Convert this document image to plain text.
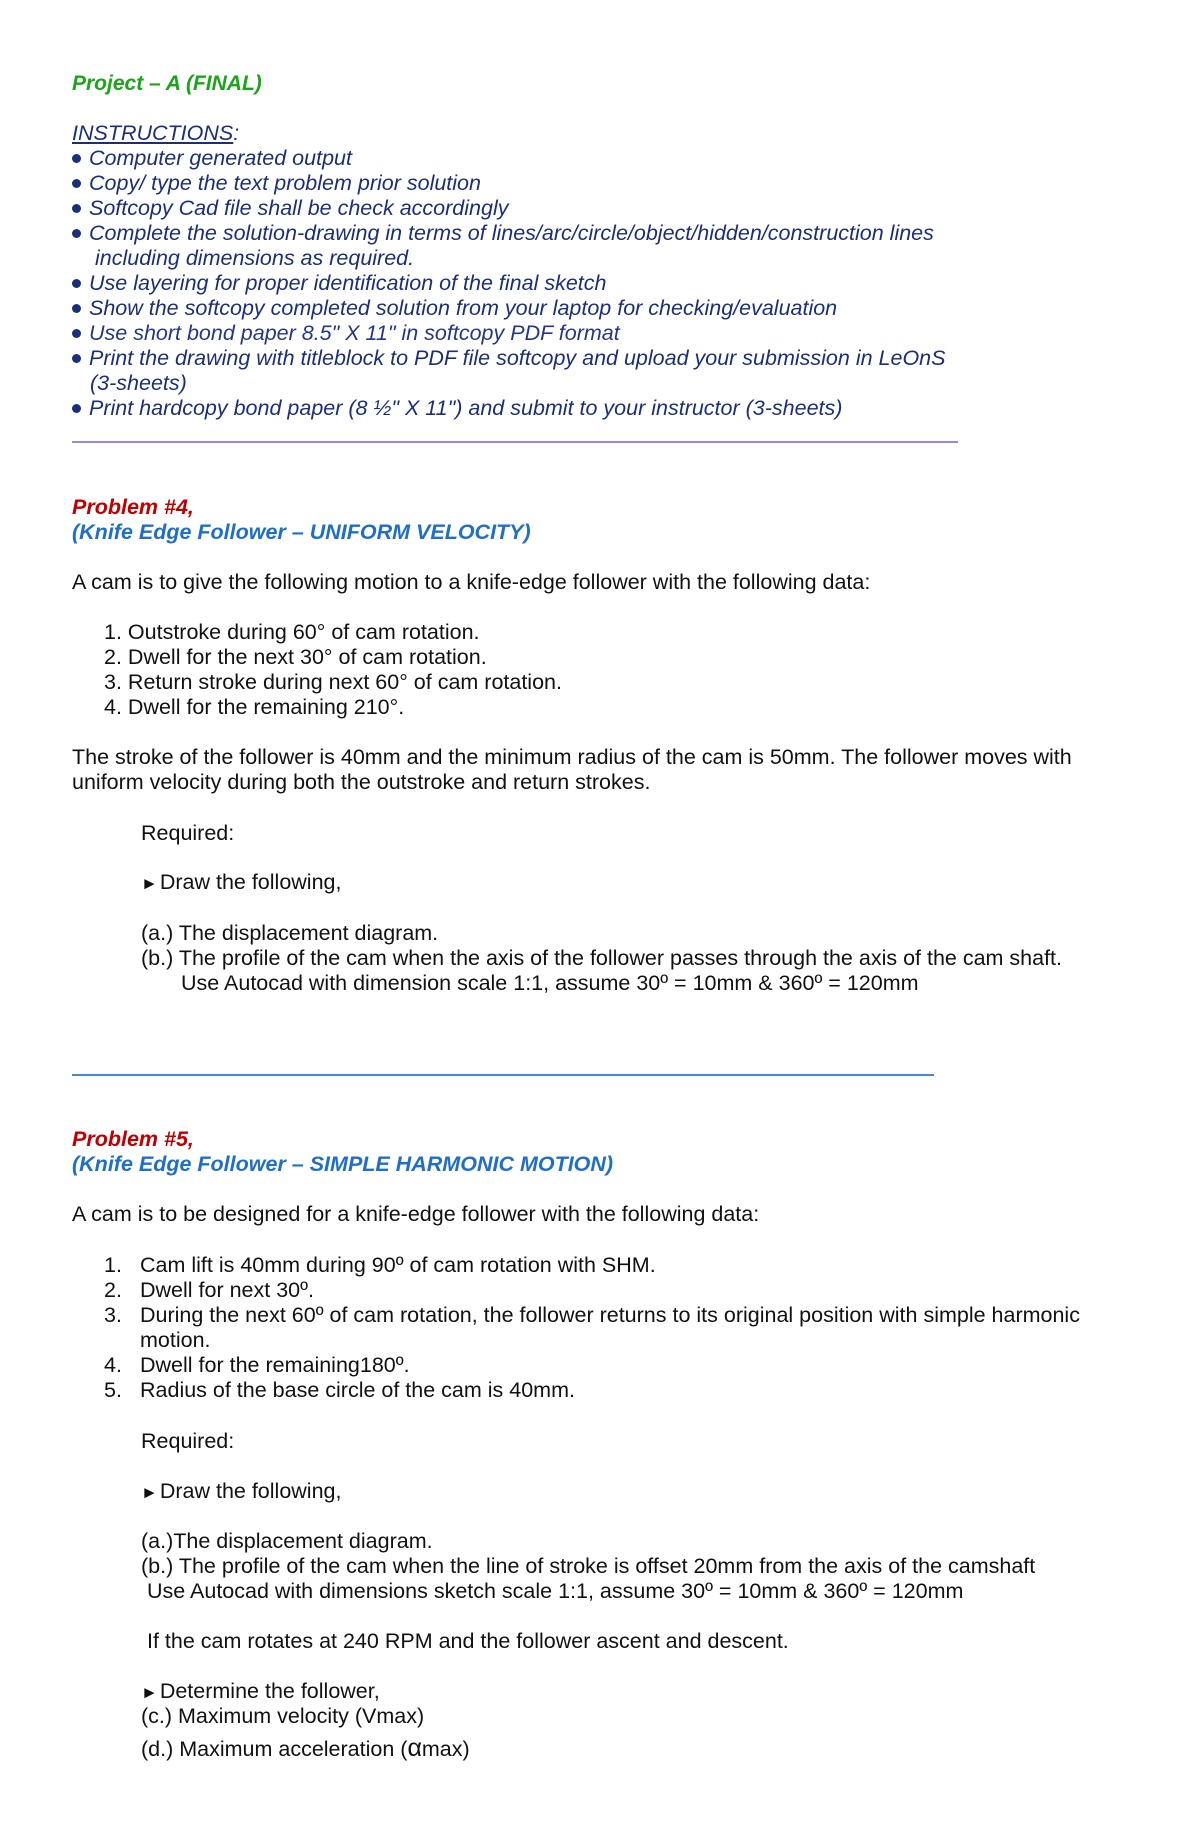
Project – A (FINAL)
INSTRUCTIONS:
Computer generated output
Copy/ type the text problem prior solution
Softcopy Cad file shall be check accordingly
Complete the solution-drawing in terms of lines/arc/circle/object/hidden/construction lines
including dimensions as required.
Use layering for proper identification of the final sketch
Show the softcopy completed solution from your laptop for checking/evaluation
Use short bond paper 8.5" X 11" in softcopy PDF format
Print the drawing with titleblock to PDF file softcopy and upload your submission in LeOnS
(3-sheets)
Print hardcopy bond paper (8 ½" X 11") and submit to your instructor (3-sheets)
Problem #4,
(Knife Edge Follower – UNIFORM VELOCITY)
A cam is to give the following motion to a knife-edge follower with the following data:
1. Outstroke during 60° of cam rotation.
2. Dwell for the next 30° of cam rotation.
3. Return stroke during next 60° of cam rotation.
4. Dwell for the remaining 210°.
The stroke of the follower is 40mm and the minimum radius of the cam is 50mm. The follower moves with
uniform velocity during both the outstroke and return strokes.
Required:
►Draw the following,
(a.) The displacement diagram.
(b.) The profile of the cam when the axis of the follower passes through the axis of the cam shaft.
Use Autocad with dimension scale 1:1, assume 30º = 10mm & 360º = 120mm
Problem #5,
(Knife Edge Follower – SIMPLE HARMONIC MOTION)
A cam is to be designed for a knife-edge follower with the following data:
1. Cam lift is 40mm during 90º of cam rotation with SHM.
2. Dwell for next 30º.
3. During the next 60º of cam rotation, the follower returns to its original position with simple harmonic
motion.
4. Dwell for the remaining180º.
5. Radius of the base circle of the cam is 40mm.
Required:
►Draw the following,
(a.)The displacement diagram.
(b.) The profile of the cam when the line of stroke is offset 20mm from the axis of the camshaft
Use Autocad with dimensions sketch scale 1:1, assume 30º = 10mm & 360º = 120mm
If the cam rotates at 240 RPM and the follower ascent and descent.
►Determine the follower,
(c.) Maximum velocity (Vmax)
(d.) Maximum acceleration (αmax)
